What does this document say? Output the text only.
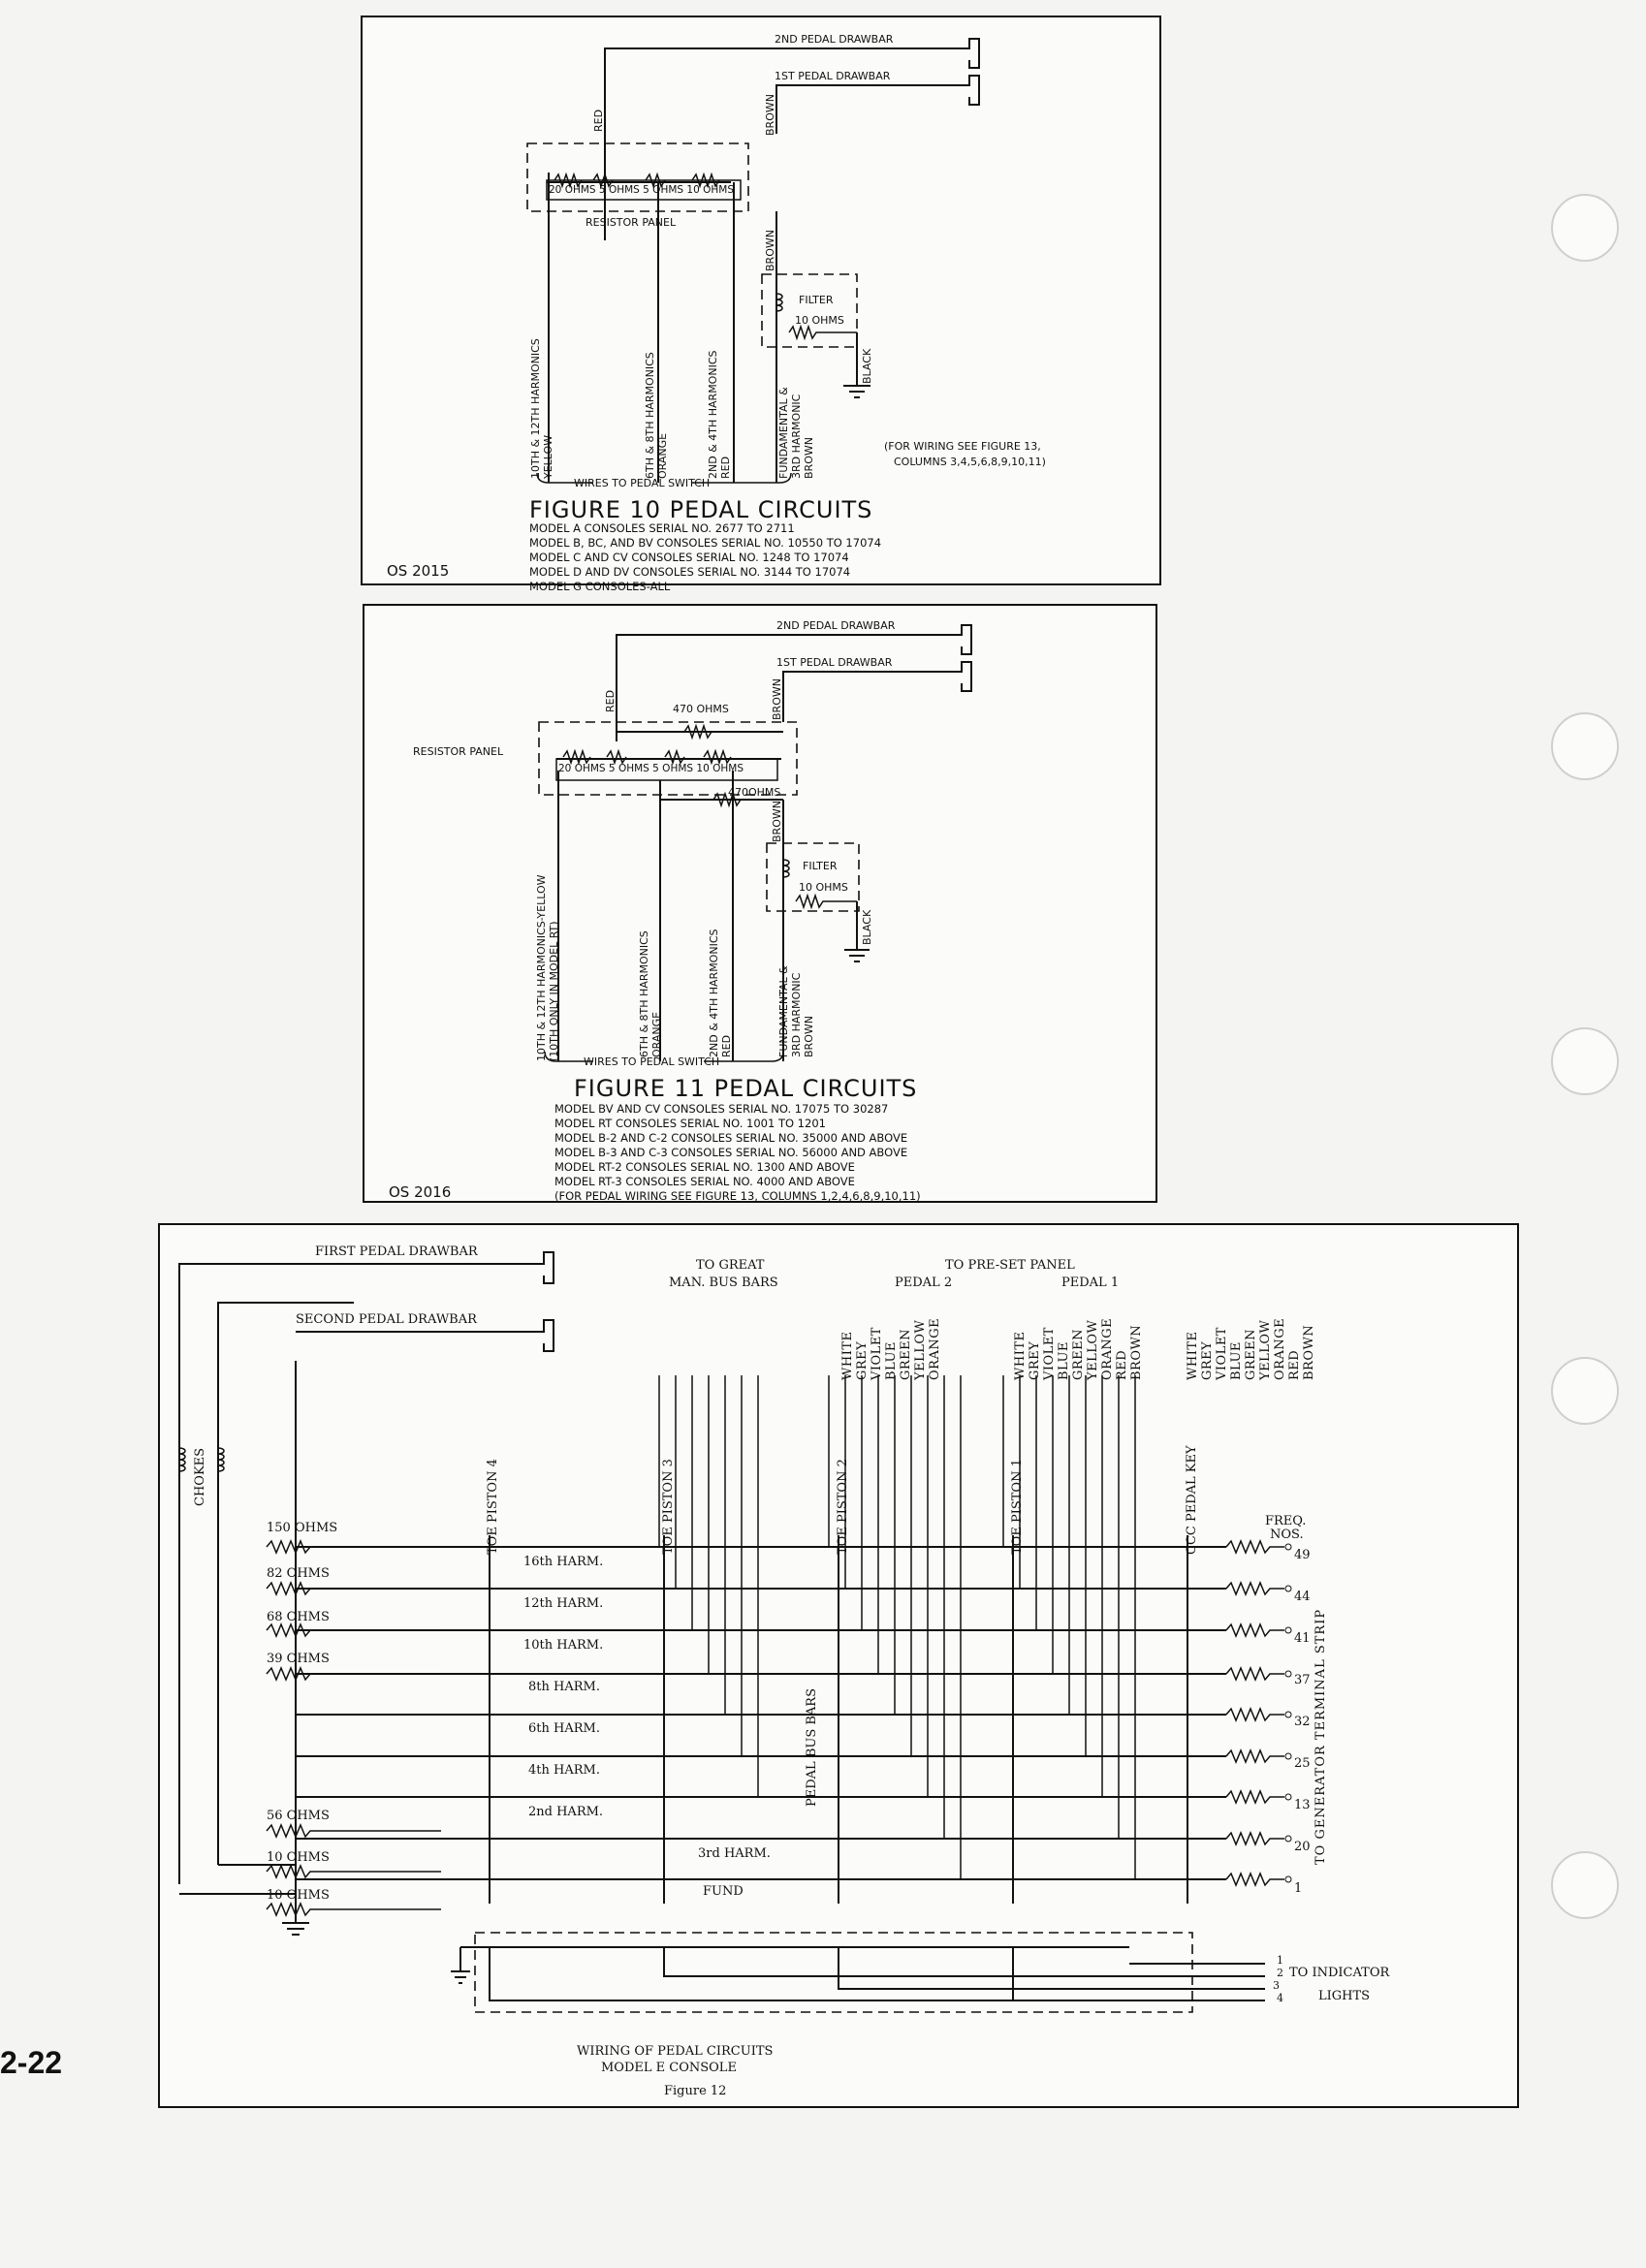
2-22
2ND PEDAL DRAWBAR
1ST PEDAL DRAWBAR
RED	BROWN
20 OHMS 5 OHMS 5 OHMS 10 OHMS
RESISTOR PANEL
BROWN
FILTER
10 OHMS
BLACK
10TH & 12TH HARMONICS
YELLOW	6TH & 8TH HARMONICS
ORANGE	2ND & 4TH HARMONICS
RED	FUNDAMENTAL &
3RD HARMONIC
BROWN	(FOR WIRING SEE FIGURE 13,
COLUMNS 3,4,5,6,8,9,10,11)
WIRES TO PEDAL SWITCH
FIGURE 10 PEDAL CIRCUITS
MODEL A CONSOLES SERIAL NO. 2677 TO 2711
MODEL B, BC, AND BV CONSOLES SERIAL NO. 10550 TO 17074
MODEL C AND CV CONSOLES SERIAL NO. 1248 TO 17074
MODEL D AND DV CONSOLES SERIAL NO. 3144 TO 17074
MODEL G CONSOLES-ALL
OS 2015
2ND PEDAL DRAWBAR
1ST PEDAL DRAWBAR
RED	BROWN
470 OHMS
RESISTOR PANEL
20 OHMS 5 OHMS 5 OHMS 10 OHMS
470OHMS
BROWN
FILTER
10 OHMS
BLACK
10TH & 12TH HARMONICS-YELLOW
(10TH ONLY IN MODEL RT)
6TH & 8TH HARMONICS
ORANGE	2ND & 4TH HARMONICS
RED	FUNDAMENTAL &
3RD HARMONIC
BROWN
WIRES TO PEDAL SWITCH
FIGURE 11 PEDAL CIRCUITS
MODEL BV AND CV CONSOLES SERIAL NO. 17075 TO 30287
MODEL RT CONSOLES SERIAL NO. 1001 TO 1201
MODEL B-2 AND C-2 CONSOLES SERIAL NO. 35000 AND ABOVE
MODEL B-3 AND C-3 CONSOLES SERIAL NO. 56000 AND ABOVE
MODEL RT-2 CONSOLES SERIAL NO. 1300 AND ABOVE
MODEL RT-3 CONSOLES SERIAL NO. 4000 AND ABOVE
(FOR PEDAL WIRING SEE FIGURE 13, COLUMNS 1,2,4,6,8,9,10,11)
OS 2016
FIRST PEDAL DRAWBAR
SECOND PEDAL DRAWBAR
CHOKES
TO GREAT
MAN. BUS BARS
TO PRE-SET PANEL
PEDAL 2	PEDAL 1
WHITE GREY VIOLET BLUE GREEN YELLOW ORANGE	WHITE GREY VIOLET BLUE GREEN YELLOW ORANGE RED BROWN	WHITE GREY VIOLET BLUE GREEN YELLOW ORANGE RED BROWN
TOE PISTON 4	TOE PISTON 3	TOE PISTON 2	TOE PISTON 1	CCC PEDAL KEY	FREQ.
NOS.
150 OHMS
82 OHMS
68 OHMS
39 OHMS
56 OHMS
10 OHMS
10 OHMS
16th HARM.
12th HARM.
10th HARM.
8th HARM.
6th HARM.
4th HARM.
2nd HARM.
3rd HARM.
FUND
49
44
41
37
32
25
13
20
1
PEDAL BUS BARS	TO GENERATOR TERMINAL STRIP
1
2
3
4
TO INDICATOR
LIGHTS
WIRING OF PEDAL CIRCUITS
MODEL E CONSOLE
Figure 12
